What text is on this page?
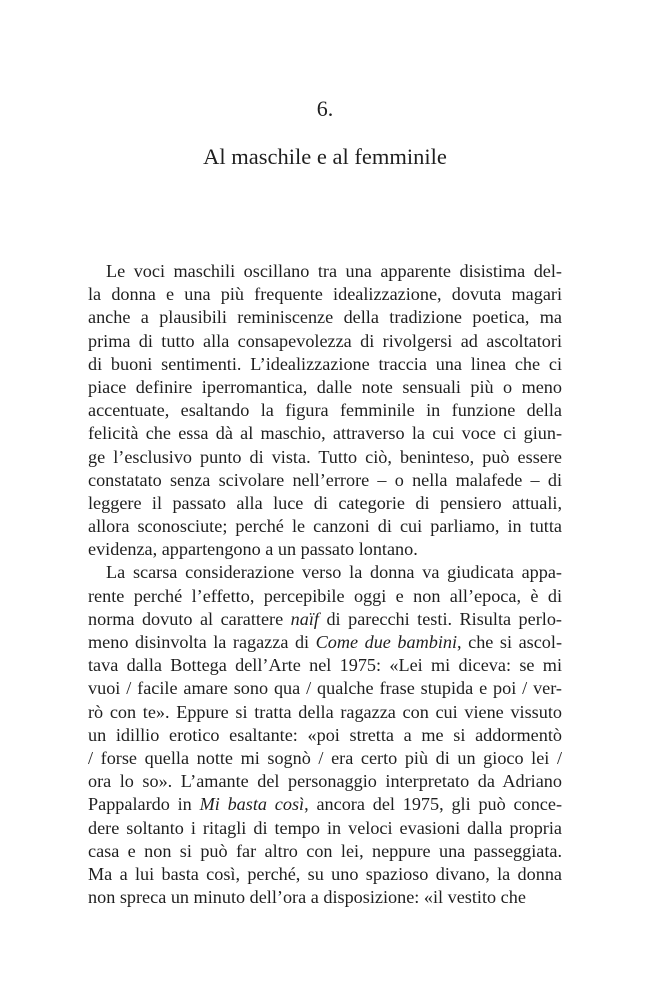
6.
Al maschile e al femminile
Le voci maschili oscillano tra una apparente disistima del-
la donna e una più frequente idealizzazione, dovuta magari
anche a plausibili reminiscenze della tradizione poetica, ma
prima di tutto alla consapevolezza di rivolgersi ad ascoltatori
di buoni sentimenti. L’idealizzazione traccia una linea che ci
piace definire iperromantica, dalle note sensuali più o meno
accentuate, esaltando la figura femminile in funzione della
felicità che essa dà al maschio, attraverso la cui voce ci giun-
ge l’esclusivo punto di vista. Tutto ciò, beninteso, può essere
constatato senza scivolare nell’errore – o nella malafede – di
leggere il passato alla luce di categorie di pensiero attuali,
allora sconosciute; perché le canzoni di cui parliamo, in tutta
evidenza, appartengono a un passato lontano.
La scarsa considerazione verso la donna va giudicata appa-
rente perché l’effetto, percepibile oggi e non all’epoca, è di
norma dovuto al carattere naïf di parecchi testi. Risulta perlo-
meno disinvolta la ragazza di Come due bambini, che si ascol-
tava dalla Bottega dell’Arte nel 1975: «Lei mi diceva: se mi
vuoi / facile amare sono qua / qualche frase stupida e poi / ver-
rò con te». Eppure si tratta della ragazza con cui viene vissuto
un idillio erotico esaltante: «poi stretta a me si addormentò
/ forse quella notte mi sognò / era certo più di un gioco lei /
ora lo so». L’amante del personaggio interpretato da Adriano
Pappalardo in Mi basta così, ancora del 1975, gli può conce-
dere soltanto i ritagli di tempo in veloci evasioni dalla propria
casa e non si può far altro con lei, neppure una passeggiata.
Ma a lui basta così, perché, su uno spazioso divano, la donna
non spreca un minuto dell’ora a disposizione: «il vestito che
